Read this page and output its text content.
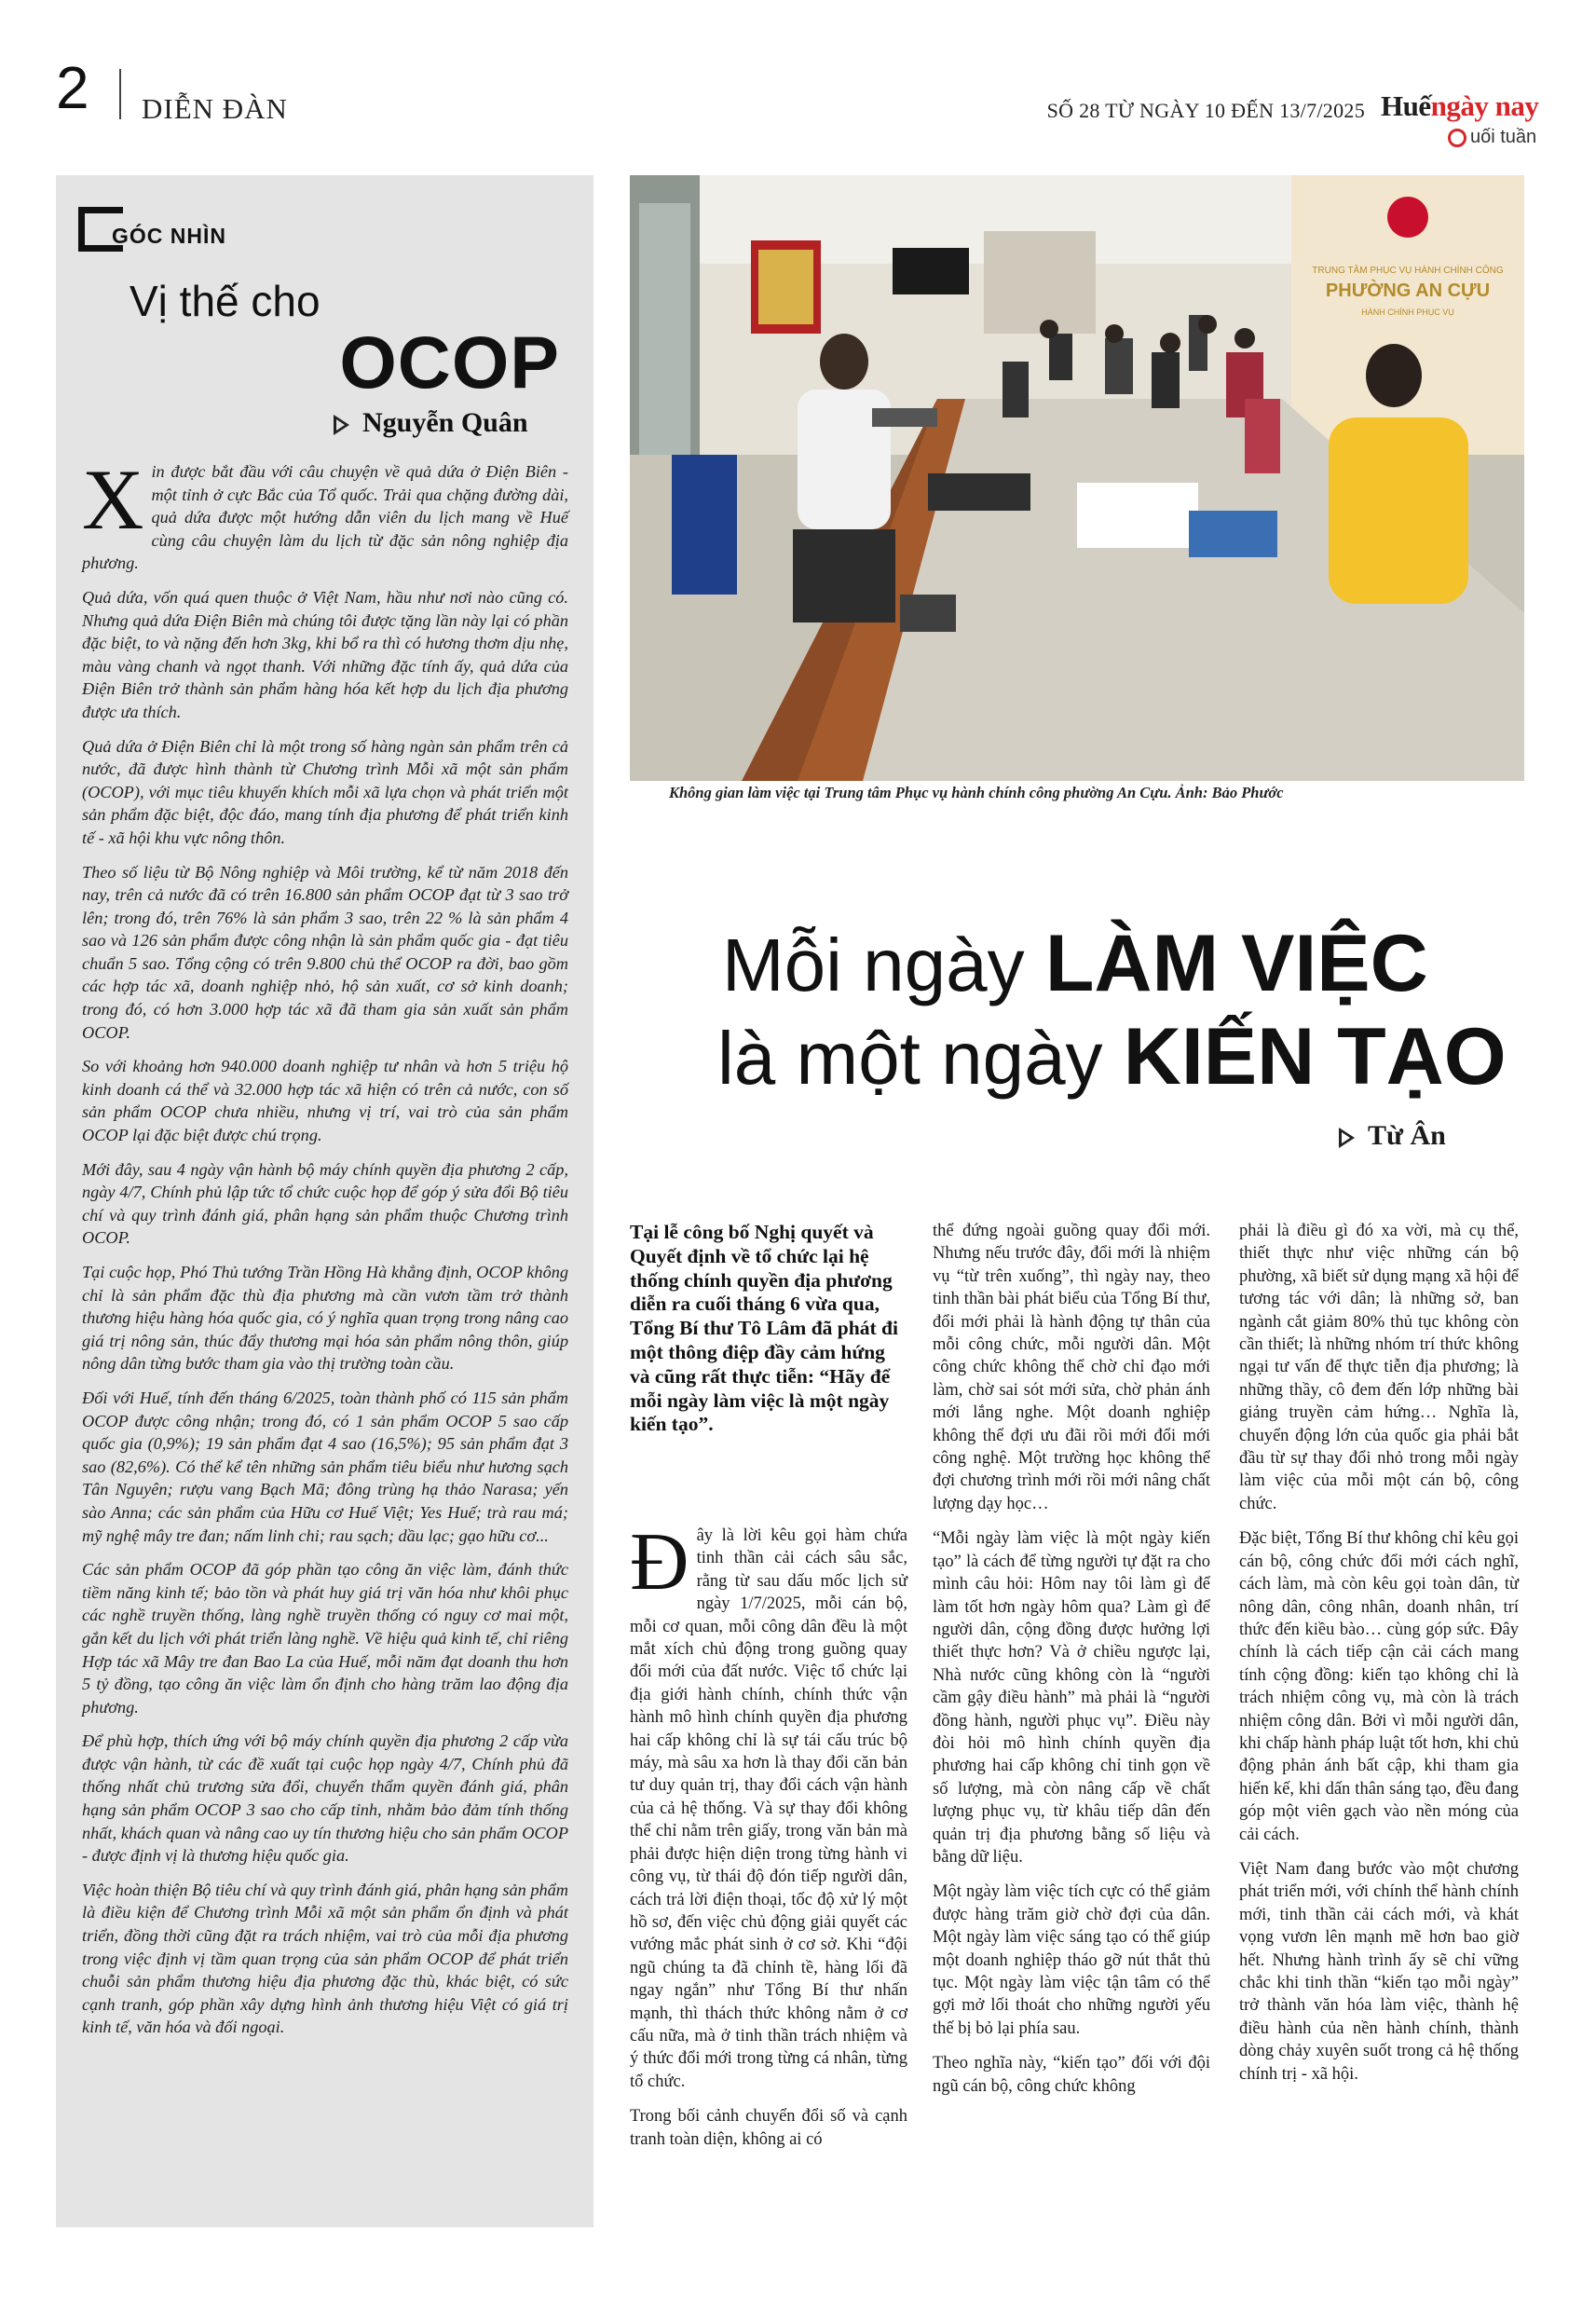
2 DIỄN ĐÀN	SỐ 28 TỪ NGÀY 10 ĐẾN 13/7/2025 Huếngày nay
uối tuần
GÓC NHÌN
Vị thế cho
OCOP
Nguyễn Quân

Xin được bắt đầu với câu chuyện về quả dứa ở Điện Biên - một tỉnh ở cực Bắc của Tổ quốc. Trải qua chặng đường dài, quả dứa được một hướng dẫn viên du lịch mang về Huế cùng câu chuyện làm du lịch từ đặc sản nông nghiệp địa phương.

Quả dứa, vốn quá quen thuộc ở Việt Nam, hầu như nơi nào cũng có. Nhưng quả dứa Điện Biên mà chúng tôi được tặng lần này lại có phần đặc biệt, to và nặng đến hơn 3kg, khi bổ ra thì có hương thơm dịu nhẹ, màu vàng chanh và ngọt thanh. Với những đặc tính ấy, quả dứa của Điện Biên trở thành sản phẩm hàng hóa kết hợp du lịch địa phương được ưa thích.

Quả dứa ở Điện Biên chỉ là một trong số hàng ngàn sản phẩm trên cả nước, đã được hình thành từ Chương trình Mỗi xã một sản phẩm (OCOP), với mục tiêu khuyến khích mỗi xã lựa chọn và phát triển một sản phẩm đặc biệt, độc đáo, mang tính địa phương để phát triển kinh tế - xã hội khu vực nông thôn.

Theo số liệu từ Bộ Nông nghiệp và Môi trường, kể từ năm 2018 đến nay, trên cả nước đã có trên 16.800 sản phẩm OCOP đạt từ 3 sao trở lên; trong đó, trên 76% là sản phẩm 3 sao, trên 22 % là sản phẩm 4 sao và 126 sản phẩm được công nhận là sản phẩm quốc gia - đạt tiêu chuẩn 5 sao. Tổng cộng có trên 9.800 chủ thể OCOP ra đời, bao gồm các hợp tác xã, doanh nghiệp nhỏ, hộ sản xuất, cơ sở kinh doanh; trong đó, có hơn 3.000 hợp tác xã đã tham gia sản xuất sản phẩm OCOP.

So với khoảng hơn 940.000 doanh nghiệp tư nhân và hơn 5 triệu hộ kinh doanh cá thể và 32.000 hợp tác xã hiện có trên cả nước, con số sản phẩm OCOP chưa nhiều, nhưng vị trí, vai trò của sản phẩm OCOP lại đặc biệt được chú trọng.

Mới đây, sau 4 ngày vận hành bộ máy chính quyền địa phương 2 cấp, ngày 4/7, Chính phủ lập tức tổ chức cuộc họp để góp ý sửa đổi Bộ tiêu chí và quy trình đánh giá, phân hạng sản phẩm thuộc Chương trình OCOP.

Tại cuộc họp, Phó Thủ tướng Trần Hồng Hà khẳng định, OCOP không chỉ là sản phẩm đặc thù địa phương mà cần vươn tầm trở thành thương hiệu hàng hóa quốc gia, có ý nghĩa quan trọng trong nâng cao giá trị nông sản, thúc đẩy thương mại hóa sản phẩm nông thôn, giúp nông dân từng bước tham gia vào thị trường toàn cầu.

Đối với Huế, tính đến tháng 6/2025, toàn thành phố có 115 sản phẩm OCOP được công nhận; trong đó, có 1 sản phẩm OCOP 5 sao cấp quốc gia (0,9%); 19 sản phẩm đạt 4 sao (16,5%); 95 sản phẩm đạt 3 sao (82,6%). Có thể kể tên những sản phẩm tiêu biểu như hương sạch Tân Nguyên; rượu vang Bạch Mã; đông trùng hạ thảo Narasa; yến sào Anna; các sản phẩm của Hữu cơ Huế Việt; Yes Huế; trà rau má; mỹ nghệ mây tre đan; nấm linh chi; rau sạch; dầu lạc; gạo hữu cơ...

Các sản phẩm OCOP đã góp phần tạo công ăn việc làm, đánh thức tiềm năng kinh tế; bảo tồn và phát huy giá trị văn hóa như khôi phục các nghề truyền thống, làng nghề truyền thống có nguy cơ mai một, gắn kết du lịch với phát triển làng nghề. Về hiệu quả kinh tế, chỉ riêng Hợp tác xã Mây tre đan Bao La của Huế, mỗi năm đạt doanh thu hơn 5 tỷ đồng, tạo công ăn việc làm ổn định cho hàng trăm lao động địa phương.

Để phù hợp, thích ứng với bộ máy chính quyền địa phương 2 cấp vừa được vận hành, từ các đề xuất tại cuộc họp ngày 4/7, Chính phủ đã thống nhất chủ trương sửa đổi, chuyển thẩm quyền đánh giá, phân hạng sản phẩm OCOP 3 sao cho cấp tỉnh, nhằm bảo đảm tính thống nhất, khách quan và nâng cao uy tín thương hiệu cho sản phẩm OCOP - được định vị là thương hiệu quốc gia.

Việc hoàn thiện Bộ tiêu chí và quy trình đánh giá, phân hạng sản phẩm là điều kiện để Chương trình Mỗi xã một sản phẩm ổn định và phát triển, đồng thời cũng đặt ra trách nhiệm, vai trò của mỗi địa phương trong việc định vị tầm quan trọng của sản phẩm OCOP để phát triển chuỗi sản phẩm thương hiệu địa phương đặc thù, khác biệt, có sức cạnh tranh, góp phần xây dựng hình ảnh thương hiệu Việt có giá trị kinh tế, văn hóa và đối ngoại.

TRUNG TÂM PHỤC VỤ HÀNH CHÍNH CÔNG
PHƯỜNG AN CỰU
HÀNH CHÍNH PHỤC VỤ
Không gian làm việc tại Trung tâm Phục vụ hành chính công phường An Cựu. Ảnh: Bảo Phước
Mỗi ngày LÀM VIỆC
là một ngày KIẾN TẠO
Từ Ân
Tại lễ công bố Nghị quyết và Quyết định về tổ chức lại hệ thống chính quyền địa phương diễn ra cuối tháng 6 vừa qua, Tổng Bí thư Tô Lâm đã phát đi một thông điệp đầy cảm hứng và cũng rất thực tiễn: “Hãy để mỗi ngày làm việc là một ngày kiến tạo”.

Đây là lời kêu gọi hàm chứa tinh thần cải cách sâu sắc, rằng từ sau dấu mốc lịch sử ngày 1/7/2025, mỗi cán bộ, mỗi cơ quan, mỗi công dân đều là một mắt xích chủ động trong guồng quay đổi mới của đất nước. Việc tổ chức lại địa giới hành chính, chính thức vận hành mô hình chính quyền địa phương hai cấp không chỉ là sự tái cấu trúc bộ máy, mà sâu xa hơn là thay đổi căn bản tư duy quản trị, thay đổi cách vận hành của cả hệ thống. Và sự thay đổi không thể chỉ nằm trên giấy, trong văn bản mà phải được hiện diện trong từng hành vi công vụ, từ thái độ đón tiếp người dân, cách trả lời điện thoại, tốc độ xử lý một hồ sơ, đến việc chủ động giải quyết các vướng mắc phát sinh ở cơ sở. Khi “đội ngũ chúng ta đã chỉnh tề, hàng lối đã ngay ngắn” như Tổng Bí thư nhấn mạnh, thì thách thức không nằm ở cơ cấu nữa, mà ở tinh thần trách nhiệm và ý thức đổi mới trong từng cá nhân, từng tổ chức.

Trong bối cảnh chuyển đổi số và cạnh tranh toàn diện, không ai có

thể đứng ngoài guồng quay đổi mới. Nhưng nếu trước đây, đổi mới là nhiệm vụ “từ trên xuống”, thì ngày nay, theo tinh thần bài phát biểu của Tổng Bí thư, đổi mới phải là hành động tự thân của mỗi công chức, mỗi người dân. Một công chức không thể chờ chỉ đạo mới làm, chờ sai sót mới sửa, chờ phản ánh mới lắng nghe. Một doanh nghiệp không thể đợi ưu đãi rồi mới đổi mới công nghệ. Một trường học không thể đợi chương trình mới rồi mới nâng chất lượng dạy học…

“Mỗi ngày làm việc là một ngày kiến tạo” là cách để từng người tự đặt ra cho mình câu hỏi: Hôm nay tôi làm gì để làm tốt hơn ngày hôm qua? Làm gì để người dân, cộng đồng được hưởng lợi thiết thực hơn? Và ở chiều ngược lại, Nhà nước cũng không còn là “người cầm gậy điều hành” mà phải là “người đồng hành, người phục vụ”. Điều này đòi hỏi mô hình chính quyền địa phương hai cấp không chỉ tinh gọn về số lượng, mà còn nâng cấp về chất lượng phục vụ, từ khâu tiếp dân đến quản trị địa phương bằng số liệu và bằng dữ liệu.

Một ngày làm việc tích cực có thể giảm được hàng trăm giờ chờ đợi của dân. Một ngày làm việc sáng tạo có thể giúp một doanh nghiệp tháo gỡ nút thắt thủ tục. Một ngày làm việc tận tâm có thể gợi mở lối thoát cho những người yếu thế bị bỏ lại phía sau.

Theo nghĩa này, “kiến tạo” đối với đội ngũ cán bộ, công chức không

phải là điều gì đó xa vời, mà cụ thể, thiết thực như việc những cán bộ phường, xã biết sử dụng mạng xã hội để tương tác với dân; là những sở, ban ngành cắt giảm 80% thủ tục không còn cần thiết; là những nhóm trí thức không ngại tư vấn để thực tiễn địa phương; là những thầy, cô đem đến lớp những bài giảng truyền cảm hứng… Nghĩa là, chuyển động lớn của quốc gia phải bắt đầu từ sự thay đổi nhỏ trong mỗi ngày làm việc của mỗi một cán bộ, công chức.

Đặc biệt, Tổng Bí thư không chỉ kêu gọi cán bộ, công chức đổi mới cách nghĩ, cách làm, mà còn kêu gọi toàn dân, từ nông dân, công nhân, doanh nhân, trí thức đến kiều bào… cùng góp sức. Đây chính là cách tiếp cận cải cách mang tính cộng đồng: kiến tạo không chỉ là trách nhiệm công vụ, mà còn là trách nhiệm công dân. Bởi vì mỗi người dân, khi chấp hành pháp luật tốt hơn, khi chủ động phản ánh bất cập, khi tham gia hiến kế, khi dấn thân sáng tạo, đều đang góp một viên gạch vào nền móng của cải cách.

Việt Nam đang bước vào một chương phát triển mới, với chính thể hành chính mới, tinh thần cải cách mới, và khát vọng vươn lên mạnh mẽ hơn bao giờ hết. Nhưng hành trình ấy sẽ chỉ vững chắc khi tinh thần “kiến tạo mỗi ngày” trở thành văn hóa làm việc, thành hệ điều hành của nền hành chính, thành dòng chảy xuyên suốt trong cả hệ thống chính trị - xã hội.
